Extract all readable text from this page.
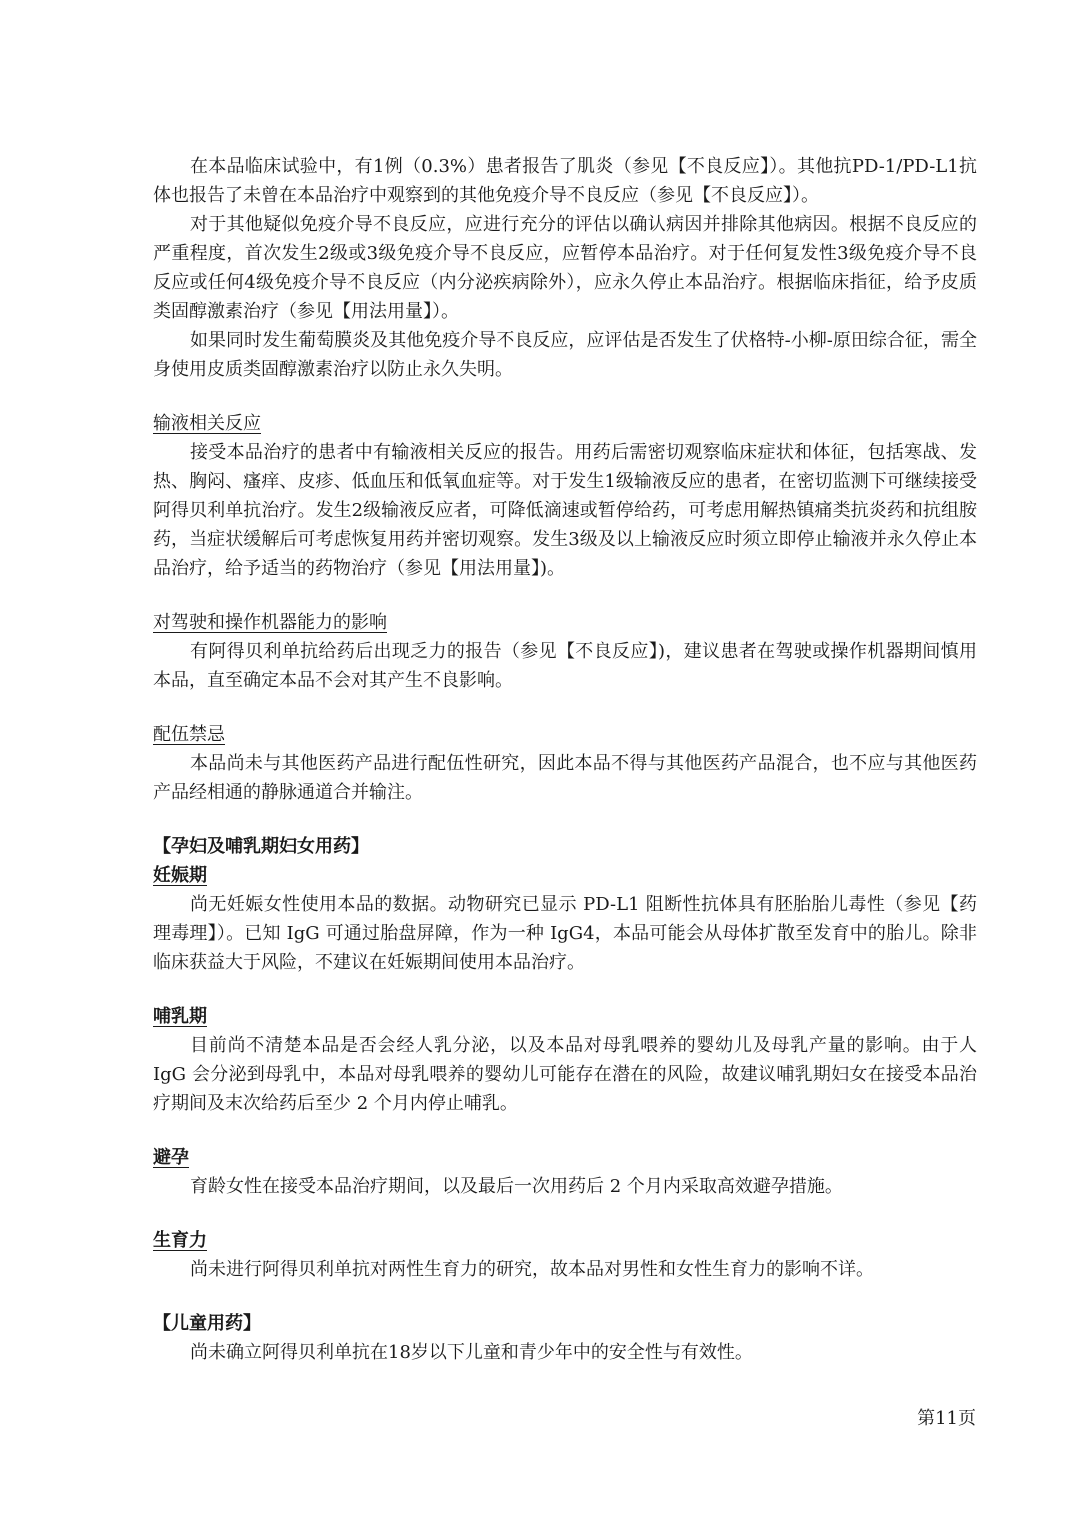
在本品临床试验中，有1例（0.3%）患者报告了肌炎（参见【不良反应】）。其他抗PD-1/PD-L1抗体也报告了未曾在本品治疗中观察到的其他免疫介导不良反应（参见【不良反应】）。

对于其他疑似免疫介导不良反应，应进行充分的评估以确认病因并排除其他病因。根据不良反应的严重程度，首次发生2级或3级免疫介导不良反应，应暂停本品治疗。对于任何复发性3级免疫介导不良反应或任何4级免疫介导不良反应（内分泌疾病除外），应永久停止本品治疗。根据临床指征，给予皮质类固醇激素治疗（参见【用法用量】）。

如果同时发生葡萄膜炎及其他免疫介导不良反应，应评估是否发生了伏格特-小柳-原田综合征，需全身使用皮质类固醇激素治疗以防止永久失明。

输液相关反应

接受本品治疗的患者中有输液相关反应的报告。用药后需密切观察临床症状和体征，包括寒战、发热、胸闷、瘙痒、皮疹、低血压和低氧血症等。对于发生1级输液反应的患者，在密切监测下可继续接受阿得贝利单抗治疗。发生2级输液反应者，可降低滴速或暂停给药，可考虑用解热镇痛类抗炎药和抗组胺药，当症状缓解后可考虑恢复用药并密切观察。发生3级及以上输液反应时须立即停止输液并永久停止本品治疗，给予适当的药物治疗（参见【用法用量】)。

对驾驶和操作机器能力的影响

有阿得贝利单抗给药后出现乏力的报告（参见【不良反应】)，建议患者在驾驶或操作机器期间慎用本品，直至确定本品不会对其产生不良影响。

配伍禁忌

本品尚未与其他医药产品进行配伍性研究，因此本品不得与其他医药产品混合，也不应与其他医药产品经相通的静脉通道合并输注。

【孕妇及哺乳期妇女用药】
妊娠期

尚无妊娠女性使用本品的数据。动物研究已显示 PD-L1 阻断性抗体具有胚胎胎儿毒性（参见【药理毒理】）。已知 IgG 可通过胎盘屏障，作为一种 IgG4，本品可能会从母体扩散至发育中的胎儿。除非临床获益大于风险，不建议在妊娠期间使用本品治疗。

哺乳期

目前尚不清楚本品是否会经人乳分泌，以及本品对母乳喂养的婴幼儿及母乳产量的影响。由于人 IgG 会分泌到母乳中，本品对母乳喂养的婴幼儿可能存在潜在的风险，故建议哺乳期妇女在接受本品治疗期间及末次给药后至少 2 个月内停止哺乳。

避孕

育龄女性在接受本品治疗期间，以及最后一次用药后 2 个月内采取高效避孕措施。

生育力

尚未进行阿得贝利单抗对两性生育力的研究，故本品对男性和女性生育力的影响不详。

【儿童用药】

尚未确立阿得贝利单抗在18岁以下儿童和青少年中的安全性与有效性。

第11页
